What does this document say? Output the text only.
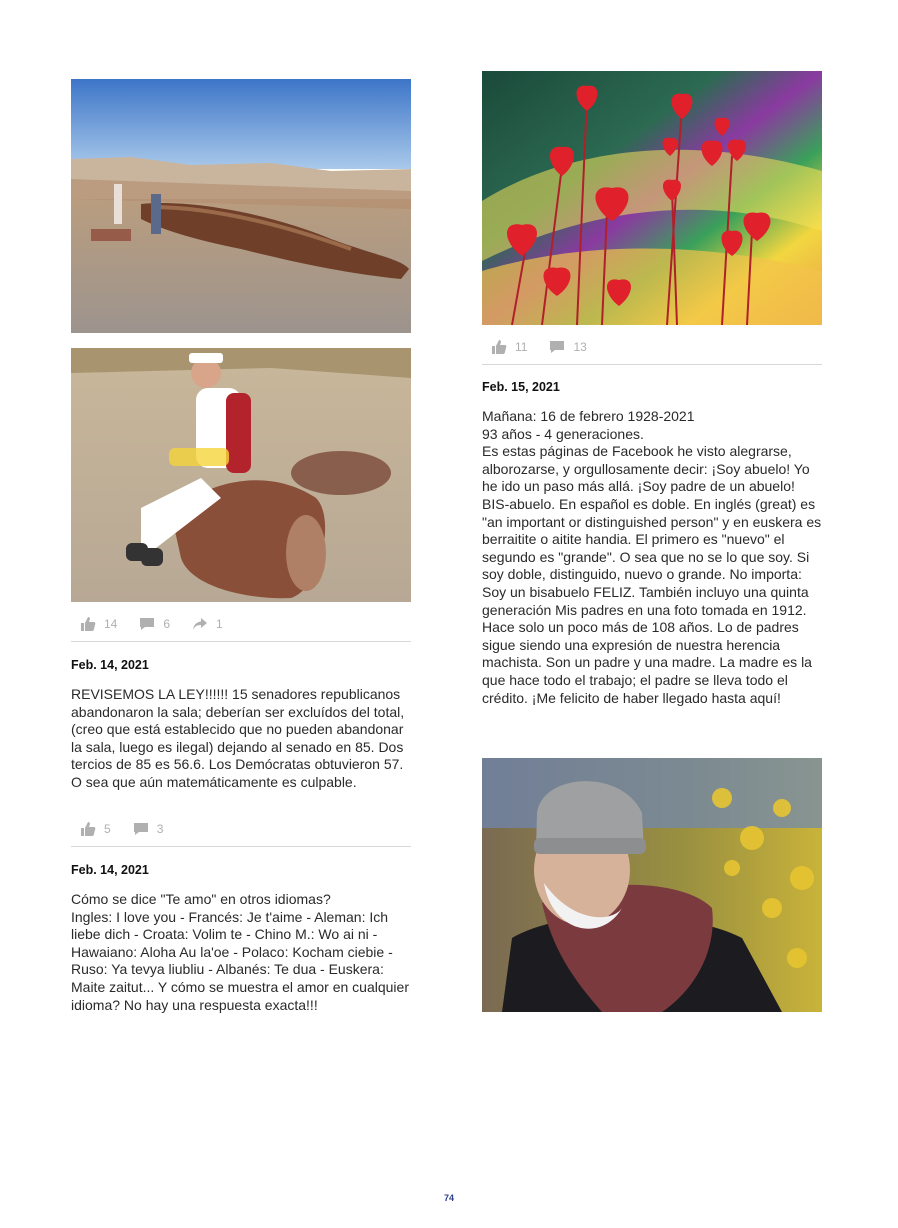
14	6	1
Feb. 14, 2021
REVISEMOS LA LEY!!!!!! 15 senadores republicanos abandonaron la sala; deberían ser excluídos del total, (creo que está establecido que no pueden abandonar la sala, luego es ilegal) dejando al senado en 85. Dos tercios de 85 es 56.6. Los Demócratas obtuvieron 57. O sea que aún matemáticamente es culpable.
5	3
Feb. 14, 2021
Cómo se dice "Te amo" en otros idiomas?
Ingles: I love you - Francés: Je t'aime - Aleman: Ich liebe dich - Croata: Volim te - Chino M.: Wo ai ni - Hawaiano: Aloha Au la'oe - Polaco: Kocham ciebie - Ruso: Ya tevya liubliu - Albanés: Te dua - Euskera: Maite zaitut... Y cómo se muestra el amor en cualquier idioma? No hay una respuesta exacta!!!
11	13
Feb. 15, 2021
Mañana: 16 de febrero 1928-2021
93 años - 4 generaciones.
Es estas páginas de Facebook he visto alegrarse, alborozarse, y orgullosamente decir: ¡Soy abuelo! Yo he ido un paso más allá. ¡Soy padre de un abuelo! BIS-abuelo. En español es doble. En inglés (great) es "an important or distinguished person" y en euskera es berraitite o aitite handia. El primero es "nuevo" el segundo es "grande". O sea que no se lo que soy. Si soy doble, distinguido, nuevo o grande. No importa:
Soy un bisabuelo FELIZ. También incluyo una quinta generación Mis padres en una foto tomada en 1912. Hace solo un poco más de 108 años. Lo de padres sigue siendo una expresión de nuestra herencia machista. Son un padre y una madre. La madre es la que hace todo el trabajo; el padre se lleva todo el crédito. ¡Me felicito de haber llegado hasta aquí!
74
